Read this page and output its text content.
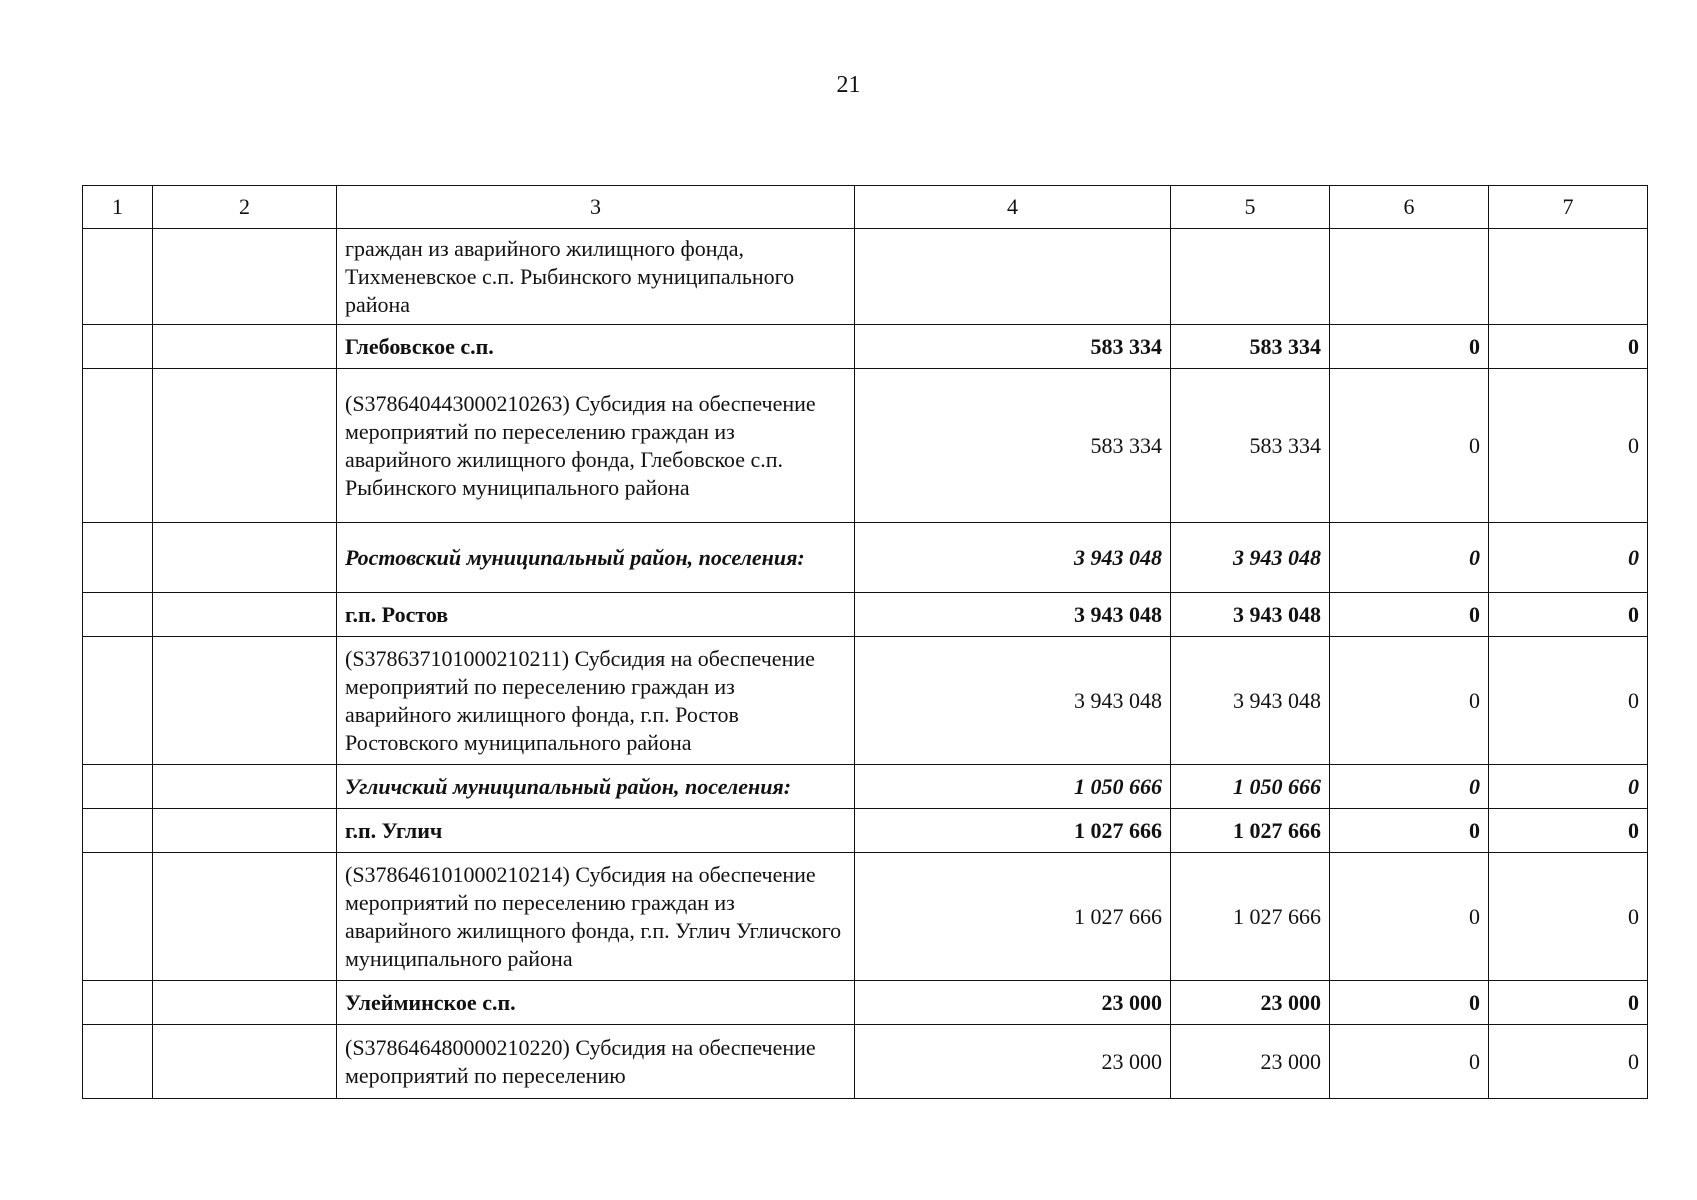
21
1	2	3	4	5	6	7
		граждан из аварийного жилищного фонда, Тихменевское с.п. Рыбинского муниципального района				
		Глебовское с.п.	583 334	583 334	0	0
		(S378640443000210263) Субсидия на обеспечение мероприятий по переселению граждан из аварийного жилищного фонда, Глебовское с.п. Рыбинского муниципального района	583 334	583 334	0	0
		Ростовский муниципальный район, поселения:	3 943 048	3 943 048	0	0
		г.п. Ростов	3 943 048	3 943 048	0	0
		(S378637101000210211) Субсидия на обеспечение мероприятий по переселению граждан из аварийного жилищного фонда, г.п. Ростов Ростовского муниципального района	3 943 048	3 943 048	0	0
		Угличский муниципальный район, поселения:	1 050 666	1 050 666	0	0
		г.п. Углич	1 027 666	1 027 666	0	0
		(S378646101000210214) Субсидия на обеспечение мероприятий по переселению граждан из аварийного жилищного фонда, г.п. Углич Угличского муниципального района	1 027 666	1 027 666	0	0
		Улейминское с.п.	23 000	23 000	0	0
		(S378646480000210220) Субсидия на обеспечение мероприятий по переселению	23 000	23 000	0	0
